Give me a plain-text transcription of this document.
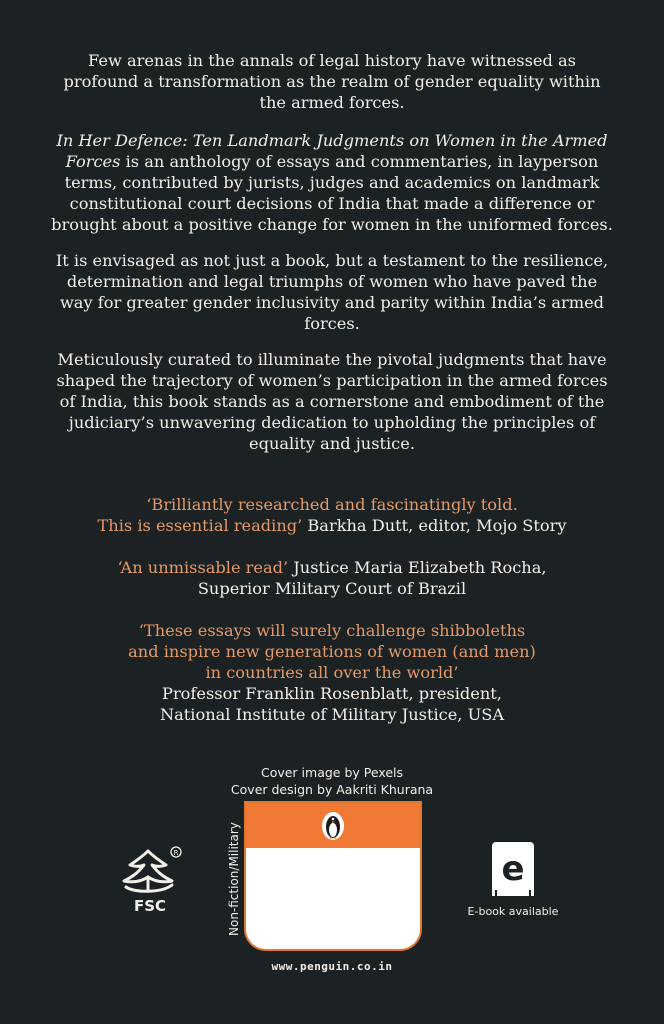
Few arenas in the annals of legal history have witnessed as profound a transformation as the realm of gender equality within the armed forces.

In Her Defence: Ten Landmark Judgments on Women in the Armed Forces is an anthology of essays and commentaries, in layperson terms, contributed by jurists, judges and academics on landmark constitutional court decisions of India that made a difference or brought about a positive change for women in the uniformed forces.

It is envisaged as not just a book, but a testament to the resilience, determination and legal triumphs of women who have paved the way for greater gender inclusivity and parity within India’s armed forces.

Meticulously curated to illuminate the pivotal judgments that have shaped the trajectory of women’s participation in the armed forces of India, this book stands as a cornerstone and embodiment of the judiciary’s unwavering dedication to upholding the principles of equality and justice.

‘Brilliantly researched and fascinatingly told.
This is essential reading’ Barkha Dutt, editor, Mojo Story

‘An unmissable read’ Justice Maria Elizabeth Rocha,
Superior Military Court of Brazil

‘These essays will surely challenge shibboleths
and inspire new generations of women (and men)
in countries all over the world’
Professor Franklin Rosenblatt, president,
National Institute of Military Justice, USA

Cover image by Pexels
Cover design by Aakriti Khurana
R
FSC	Non-fiction/Military
www.penguin.co.in
e
E-book available
